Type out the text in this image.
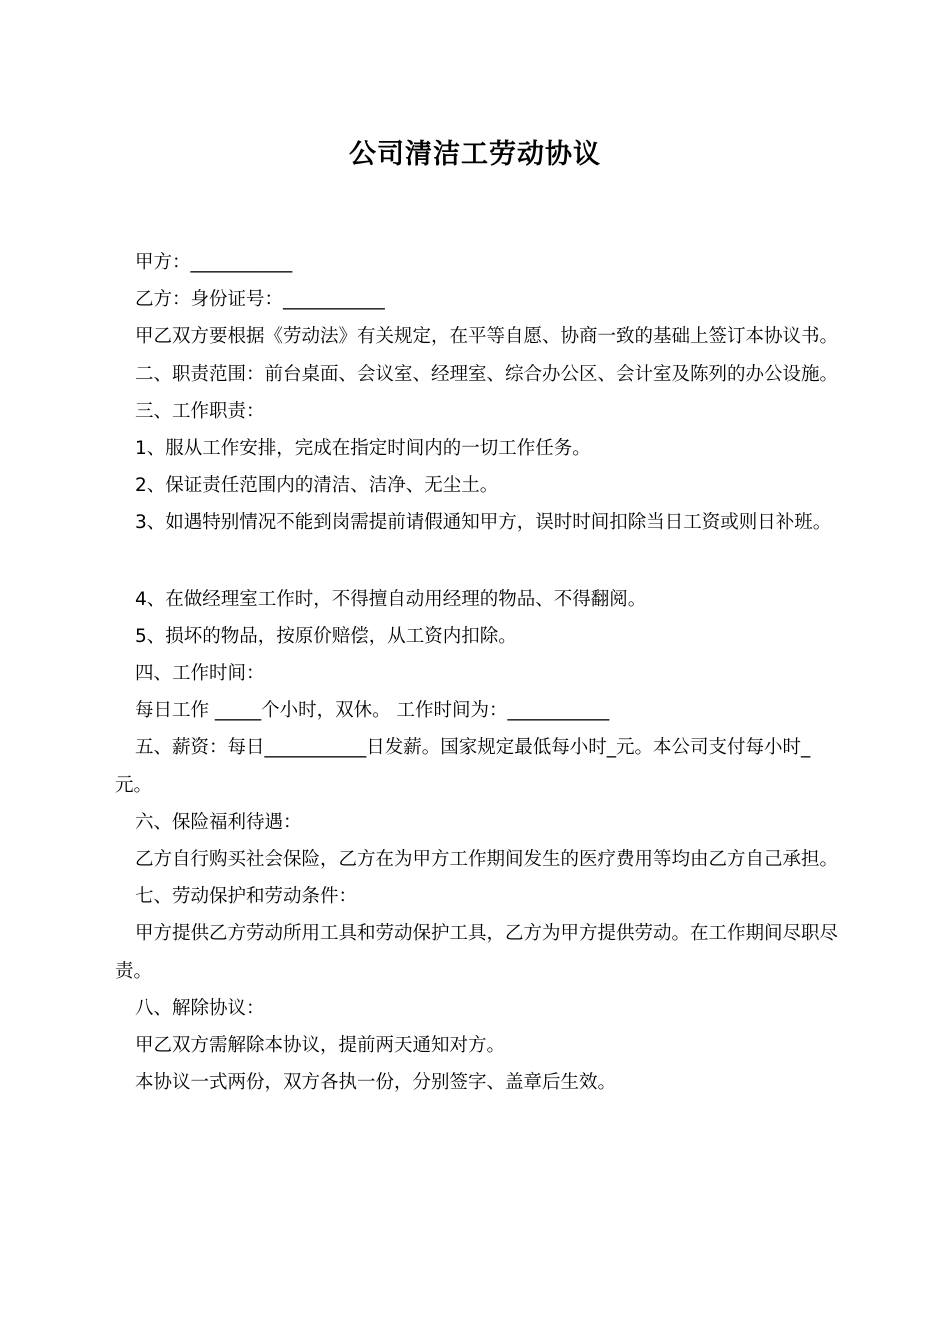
公司清洁工劳动协议

甲方：___________

乙方：身份证号：___________

甲乙双方要根据《劳动法》有关规定，在平等自愿、协商一致的基础上签订本协议书。

二、职责范围：前台桌面、会议室、经理室、综合办公区、会计室及陈列的办公设施。

三、工作职责：

1、服从工作安排，完成在指定时间内的一切工作任务。

2、保证责任范围内的清洁、洁净、无尘土。

3、如遇特别情况不能到岗需提前请假通知甲方，误时时间扣除当日工资或则日补班。

4、在做经理室工作时，不得擅自动用经理的物品、不得翻阅。

5、损坏的物品，按原价赔偿，从工资内扣除。

四、工作时间：

每日工作 _____个小时，双休。 工作时间为：___________

五、薪资：每日___________日发薪。国家规定最低每小时_元。本公司支付每小时_元。

六、保险福利待遇：

乙方自行购买社会保险，乙方在为甲方工作期间发生的医疗费用等均由乙方自己承担。

七、劳动保护和劳动条件：

甲方提供乙方劳动所用工具和劳动保护工具，乙方为甲方提供劳动。在工作期间尽职尽责。

八、解除协议：

甲乙双方需解除本协议，提前两天通知对方。

本协议一式两份，双方各执一份，分别签字、盖章后生效。
